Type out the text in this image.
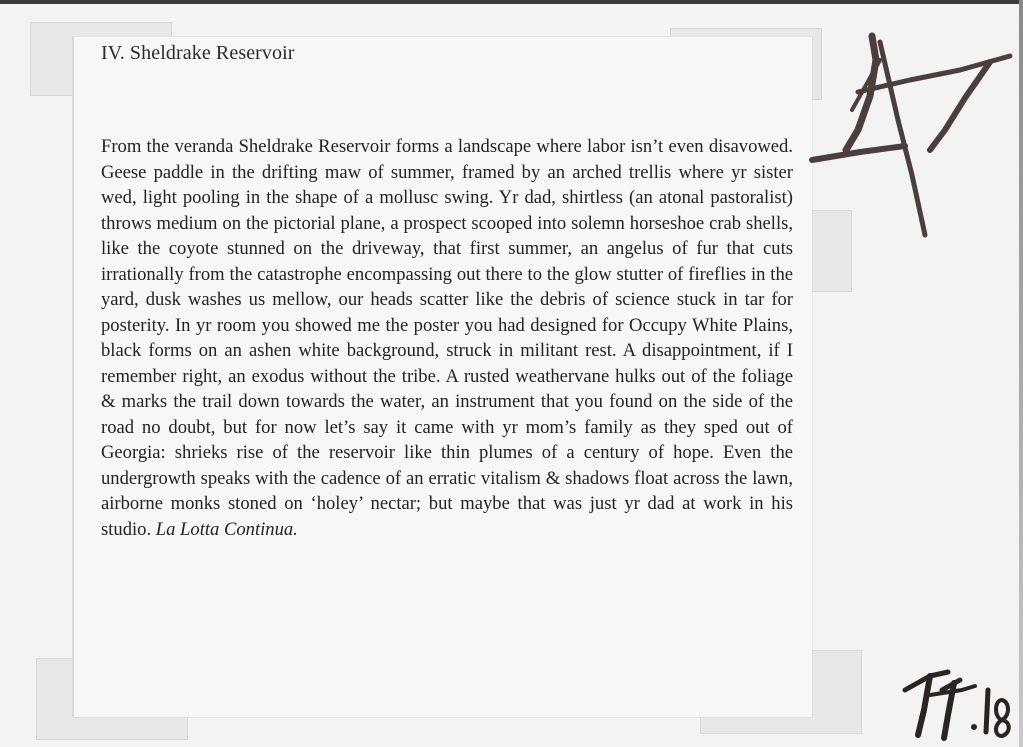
IV. Sheldrake Reservoir

From the veranda Sheldrake Reservoir forms a landscape where labor isn’t even disavowed. Geese paddle in the drifting maw of summer, framed by an arched trellis where yr sister wed, light pooling in the shape of a mollusc swing. Yr dad, shirtless (an atonal pastoralist) throws medium on the pictorial plane, a prospect scooped into solemn horseshoe crab shells, like the coyote stunned on the driveway, that first summer, an angelus of fur that cuts irrationally from the catastrophe encompassing out there to the glow stutter of fireflies in the yard, dusk washes us mellow, our heads scatter like the debris of science stuck in tar for posterity. In yr room you showed me the poster you had designed for Occupy White Plains, black forms on an ashen white background, struck in militant rest. A disappointment, if I remember right, an exodus without the tribe. A rusted weathervane hulks out of the foliage & marks the trail down towards the water, an instrument that you found on the side of the road no doubt, but for now let’s say it came with yr mom’s family as they sped out of Georgia: shrieks rise of the reservoir like thin plumes of a century of hope. Even the undergrowth speaks with the cadence of an erratic vitalism & shadows float across the lawn, airborne monks stoned on ‘holey’ nectar; but maybe that was just yr dad at work in his studio. La Lotta Continua.
